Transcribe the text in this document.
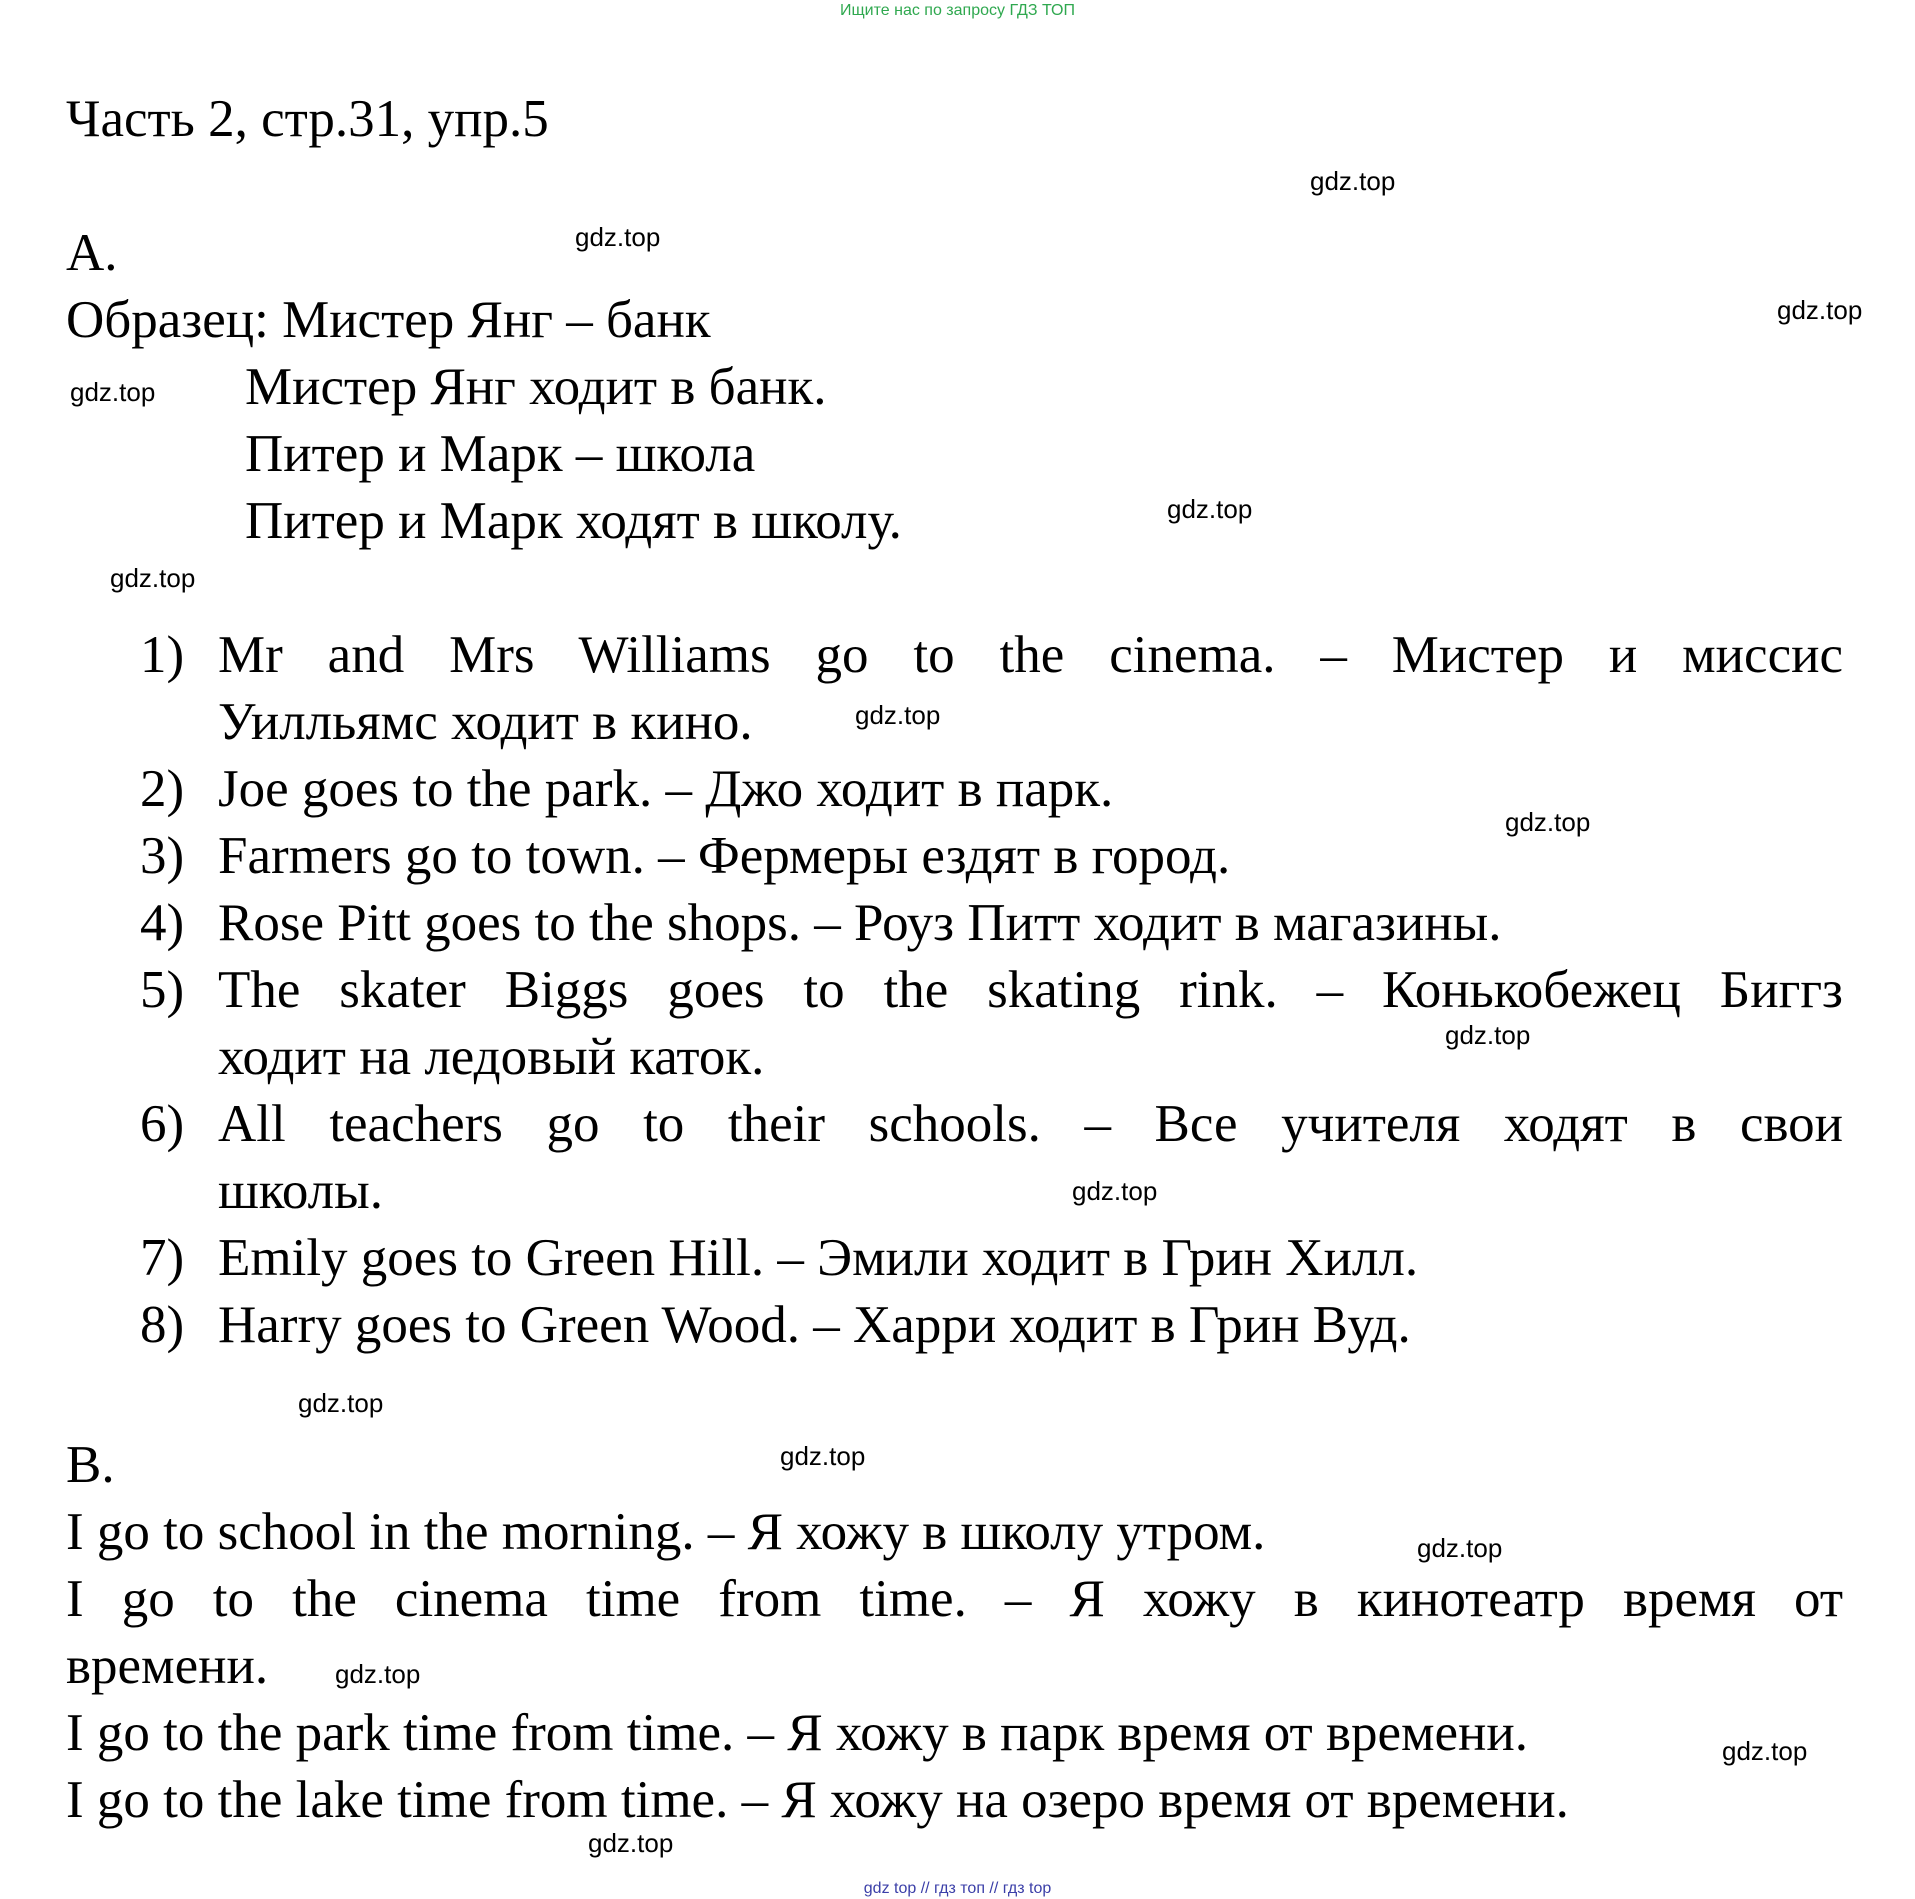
Ищите нас по запросу ГДЗ ТОП
Часть 2, стр.31, упр.5
A.
Образец: Мистер Янг – банк
Мистер Янг ходит в банк.
Питер и Марк – школа
Питер и Марк ходят в школу.
1) Mr and Mrs Williams go to the cinema. – Мистер и миссис
Уилльямс ходит в кино.
2) Joe goes to the park. – Джо ходит в парк.
3) Farmers go to town. – Фермеры ездят в город.
4) Rose Pitt goes to the shops. – Роуз Питт ходит в магазины.
5) The skater Biggs goes to the skating rink. – Конькобежец Биггз
ходит на ледовый каток.
6) All teachers go to their schools. – Все учителя ходят в свои
школы.
7) Emily goes to Green Hill. – Эмили ходит в Грин Хилл.
8) Harry goes to Green Wood. – Харри ходит в Грин Вуд.
B.
I go to school in the morning. – Я хожу в школу утром.
I go to the cinema time from time. – Я хожу в кинотеатр время от
времени.
I go to the park time from time. – Я хожу в парк время от времени.
I go to the lake time from time. – Я хожу на озеро время от времени.
gdz.top
gdz.top
gdz.top
gdz.top
gdz.top
gdz.top
gdz.top
gdz.top
gdz.top
gdz.top
gdz.top
gdz.top
gdz.top
gdz.top
gdz.top
gdz.top
gdz top // гдз топ // гдз top
